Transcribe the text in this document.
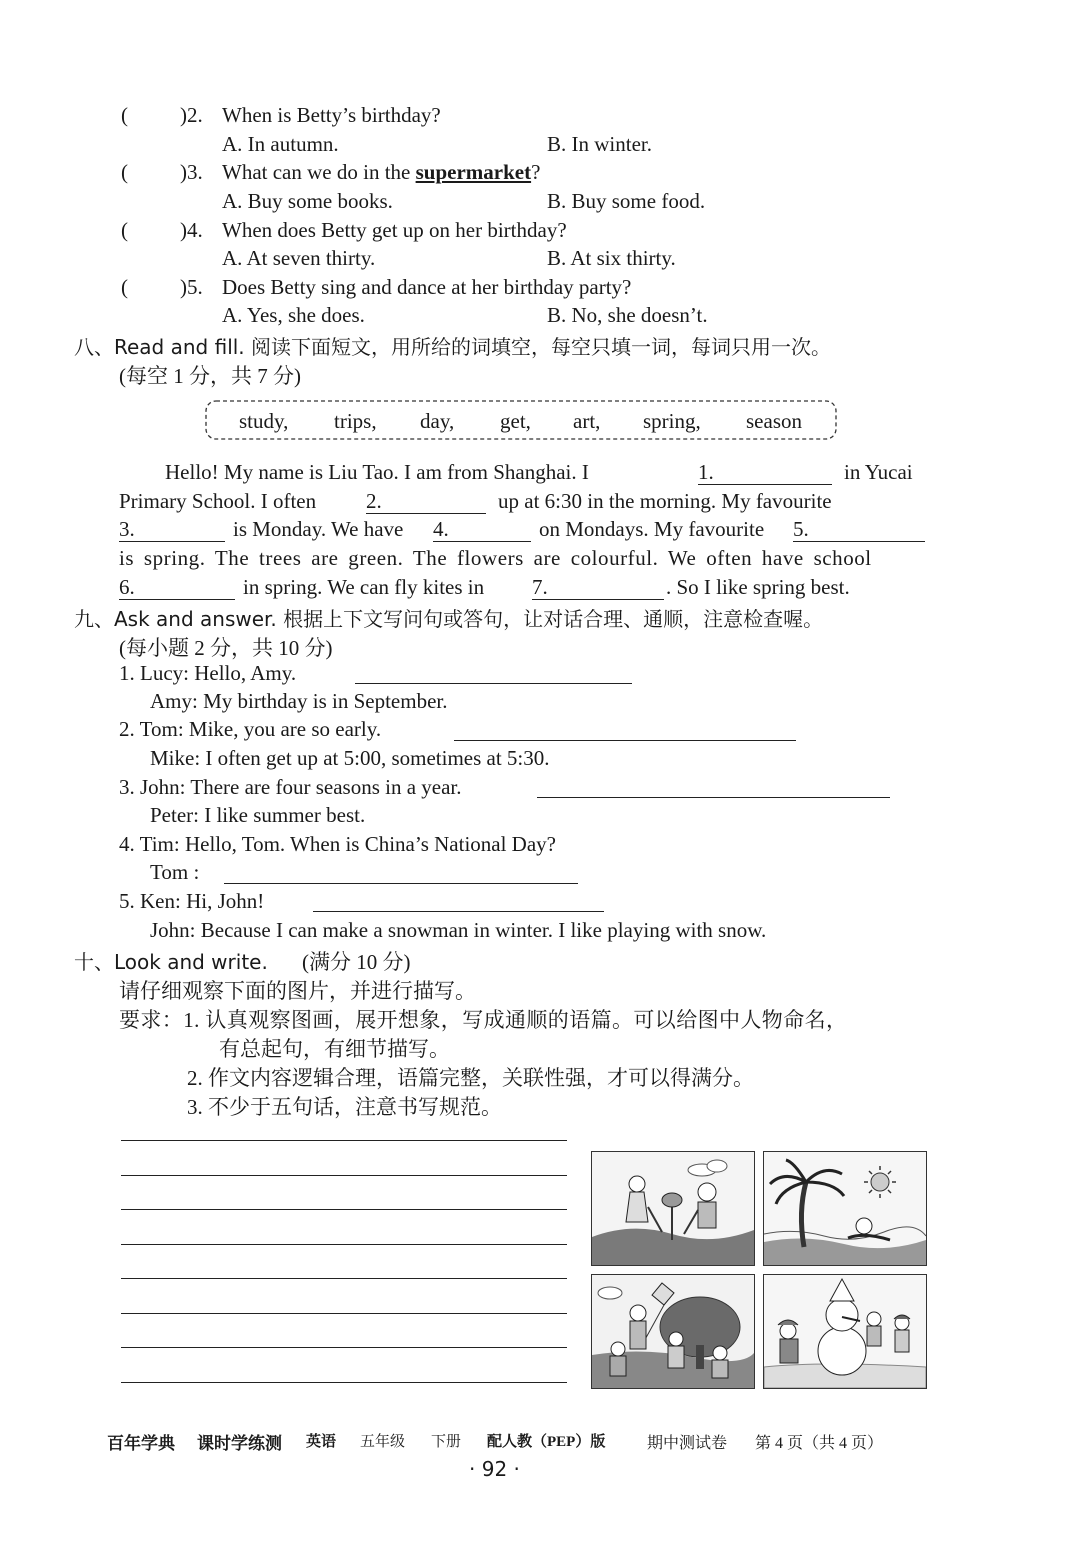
( )2. When is Betty’s birthday?
A. In autumn.	B. In winter.
( )3. What can we do in the supermarket?
A. Buy some books.	B. Buy some food.
( )4. When does Betty get up on her birthday?
A. At seven thirty.	B. At six thirty.
( )5. Does Betty sing and dance at her birthday party?
A. Yes, she does.	B. No, she doesn’t.
八、Read and fill. 阅读下面短文，用所给的词填空，每空只填一词，每词只用一次。
(每空 1 分，共 7 分)
study, trips, day, get, art, spring, season
Hello! My name is Liu Tao. I am from Shanghai. I	1.	in Yucai
Primary School. I often 2.	up at 6:30 in the morning. My favourite
3.	is Monday. We have 4.	on Mondays. My favourite 5.
is spring. The trees are green. The flowers are colourful. We often have school
6.	in spring. We can fly kites in 7.	. So I like spring best.
九、Ask and answer. 根据上下文写问句或答句，让对话合理、通顺，注意检查喔。
(每小题 2 分，共 10 分)
1. Lucy: Hello, Amy.
Amy: My birthday is in September.
2. Tom: Mike, you are so early.
Mike: I often get up at 5:00, sometimes at 5:30.
3. John: There are four seasons in a year.
Peter: I like summer best.
4. Tim: Hello, Tom. When is China’s National Day?
Tom :
5. Ken: Hi, John!
John: Because I can make a snowman in winter. I like playing with snow.
十、Look and write. (满分 10 分)
请仔细观察下面的图片，并进行描写。
要求：1. 认真观察图画，展开想象，写成通顺的语篇。可以给图中人物命名，
有总起句，有细节描写。
2. 作文内容逻辑合理，语篇完整，关联性强，才可以得满分。
3. 不少于五句话，注意书写规范。
百年学典 课时学练测 英语 五年级 下册 配人教（PEP）版	期中测试卷 第 4 页（共 4 页）
· 92 ·
